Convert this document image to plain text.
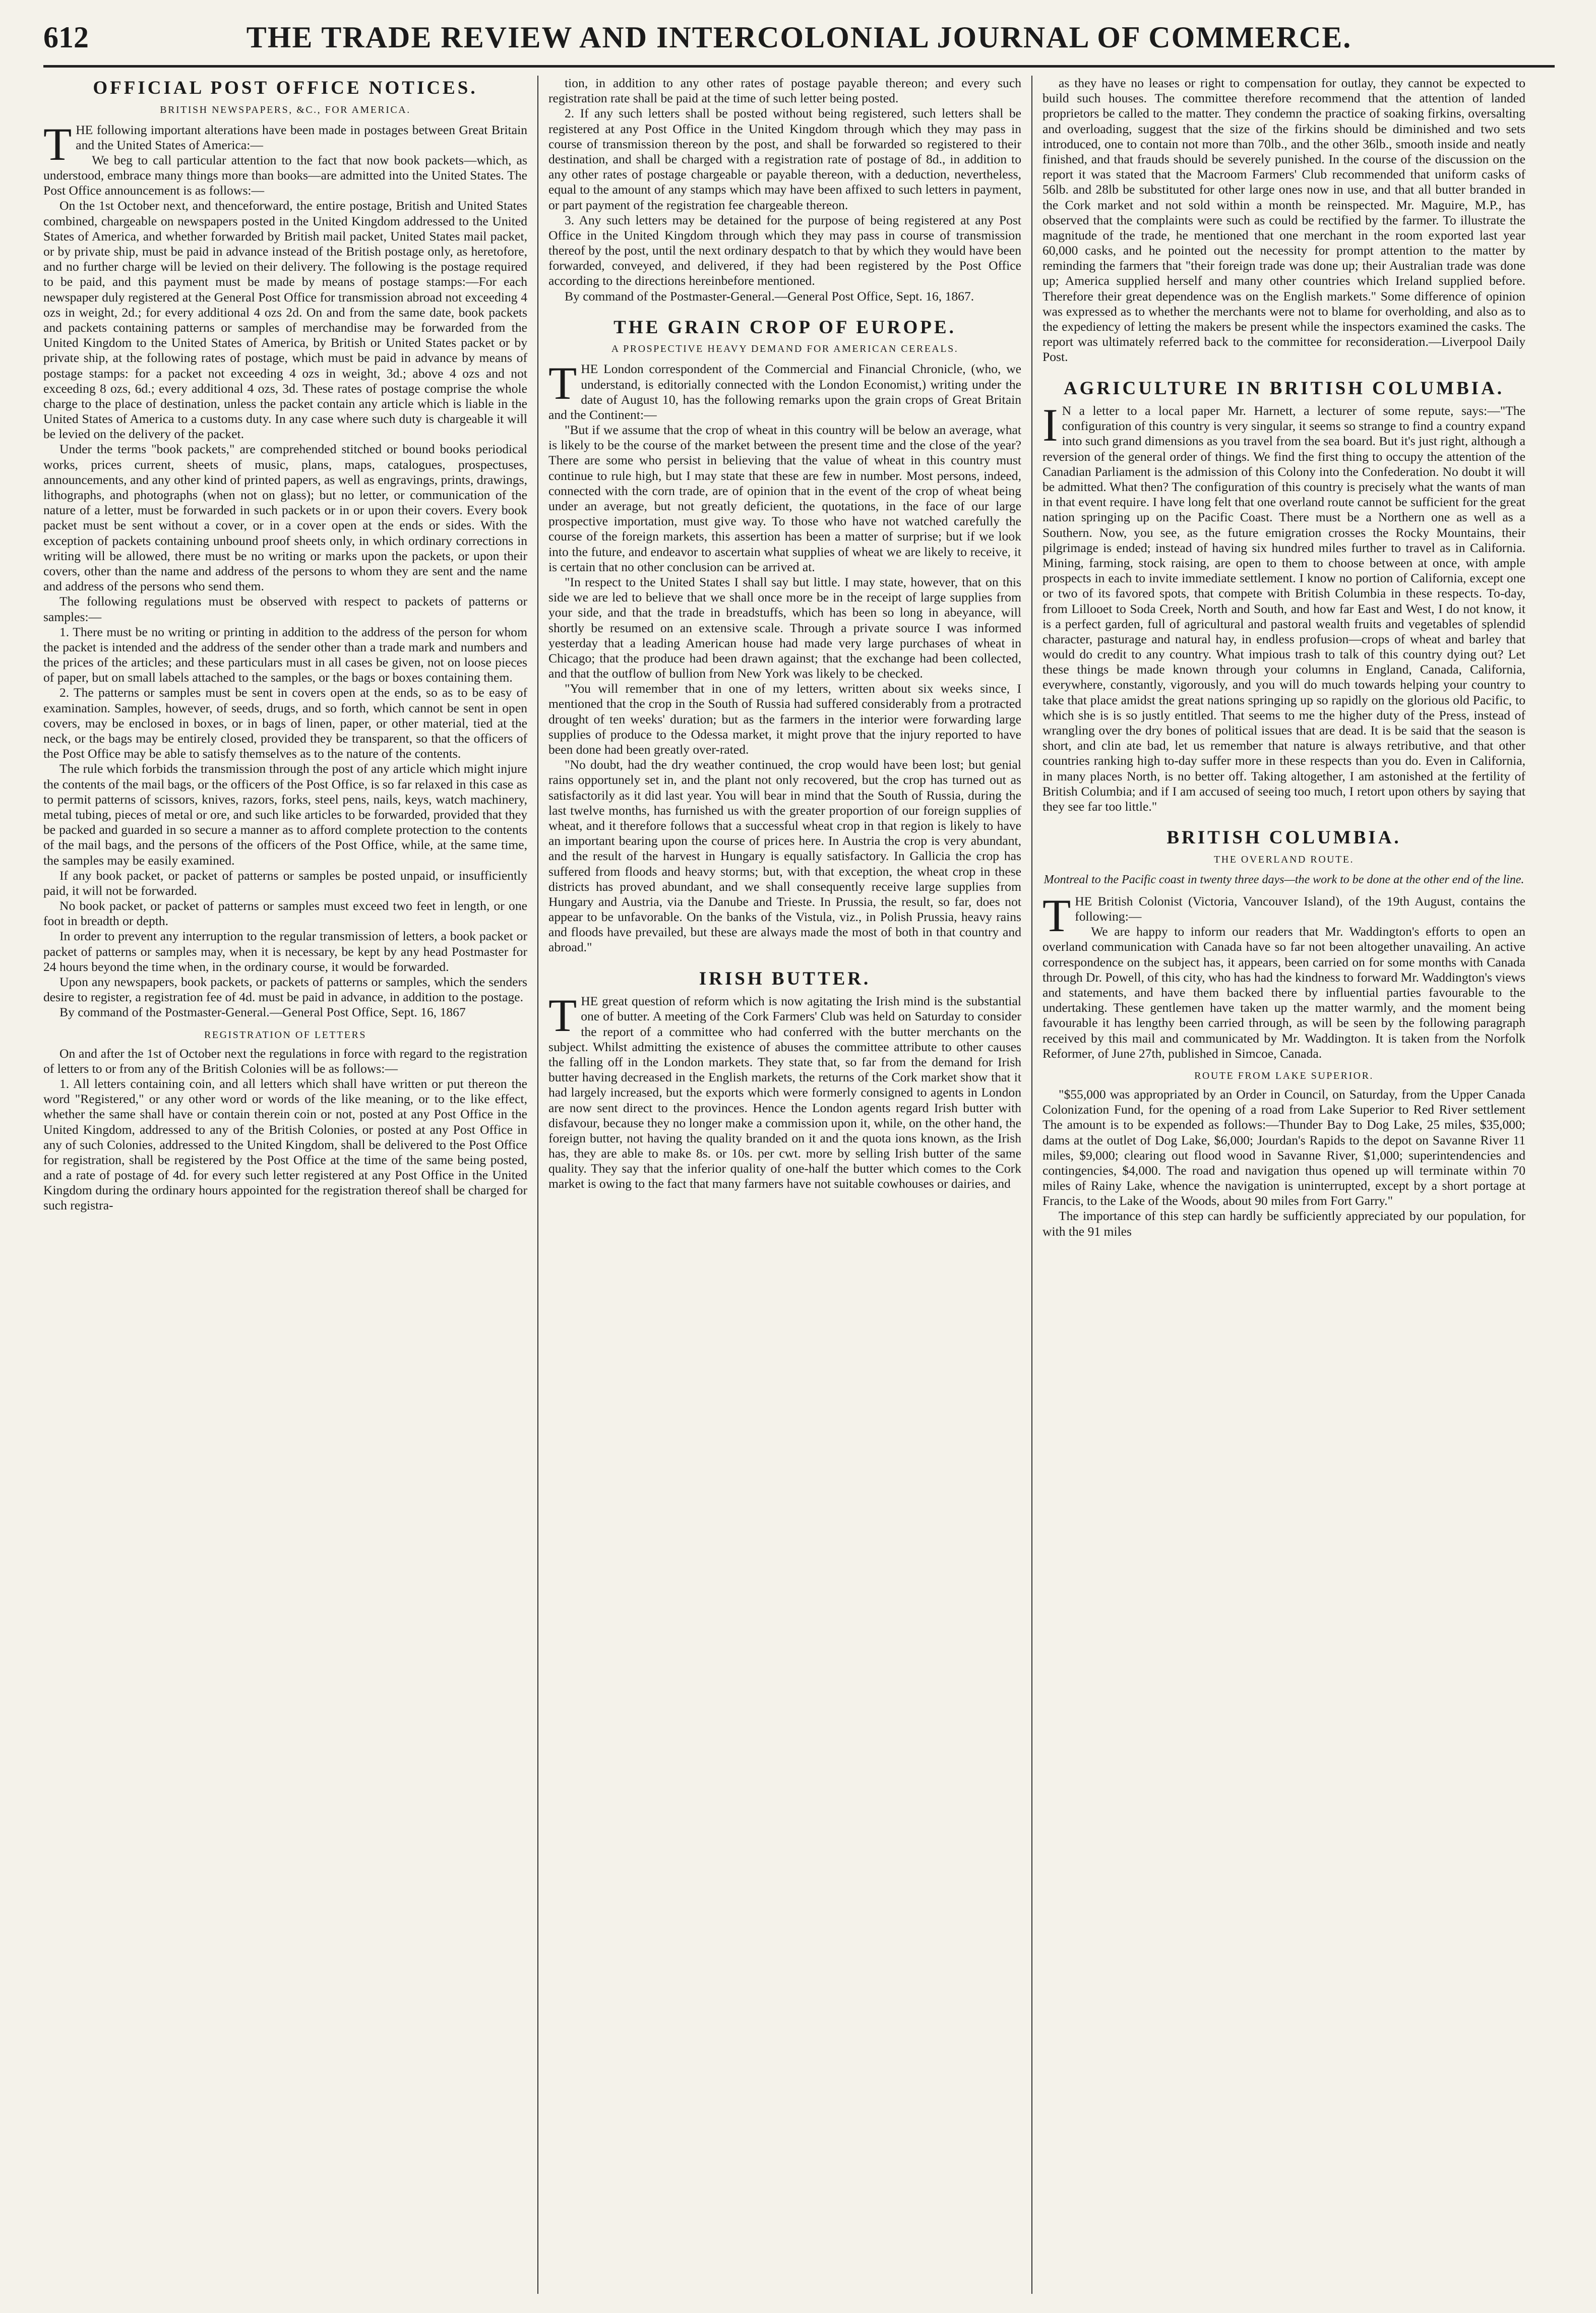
612	THE TRADE REVIEW AND INTERCOLONIAL JOURNAL OF COMMERCE.
OFFICIAL POST OFFICE NOTICES.
BRITISH NEWSPAPERS, &C., FOR AMERICA.

THE following important alterations have been made in postages between Great Britain and the United States of America:—

We beg to call particular attention to the fact that now book packets—which, as understood, embrace many things more than books—are admitted into the United States. The Post Office announcement is as follows:—

On the 1st October next, and thenceforward, the entire postage, British and United States combined, chargeable on newspapers posted in the United Kingdom addressed to the United States of America, and whether forwarded by British mail packet, United States mail packet, or by private ship, must be paid in advance instead of the British postage only, as heretofore, and no further charge will be levied on their delivery. The following is the postage required to be paid, and this payment must be made by means of postage stamps:—For each newspaper duly registered at the General Post Office for transmission abroad not exceeding 4 ozs in weight, 2d.; for every additional 4 ozs 2d. On and from the same date, book packets and packets containing patterns or samples of merchandise may be forwarded from the United Kingdom to the United States of America, by British or United States packet or by private ship, at the following rates of postage, which must be paid in advance by means of postage stamps: for a packet not exceeding 4 ozs in weight, 3d.; above 4 ozs and not exceeding 8 ozs, 6d.; every additional 4 ozs, 3d. These rates of postage comprise the whole charge to the place of destination, unless the packet contain any article which is liable in the United States of America to a customs duty. In any case where such duty is chargeable it will be levied on the delivery of the packet.

Under the terms "book packets," are comprehended stitched or bound books periodical works, prices current, sheets of music, plans, maps, catalogues, prospectuses, announcements, and any other kind of printed papers, as well as engravings, prints, drawings, lithographs, and photographs (when not on glass); but no letter, or communication of the nature of a letter, must be forwarded in such packets or in or upon their covers. Every book packet must be sent without a cover, or in a cover open at the ends or sides. With the exception of packets containing unbound proof sheets only, in which ordinary corrections in writing will be allowed, there must be no writing or marks upon the packets, or upon their covers, other than the name and address of the persons to whom they are sent and the name and address of the persons who send them.

The following regulations must be observed with respect to packets of patterns or samples:—

1. There must be no writing or printing in addition to the address of the person for whom the packet is intended and the address of the sender other than a trade mark and numbers and the prices of the articles; and these particulars must in all cases be given, not on loose pieces of paper, but on small labels attached to the samples, or the bags or boxes containing them.

2. The patterns or samples must be sent in covers open at the ends, so as to be easy of examination. Samples, however, of seeds, drugs, and so forth, which cannot be sent in open covers, may be enclosed in boxes, or in bags of linen, paper, or other material, tied at the neck, or the bags may be entirely closed, provided they be transparent, so that the officers of the Post Office may be able to satisfy themselves as to the nature of the contents.

The rule which forbids the transmission through the post of any article which might injure the contents of the mail bags, or the officers of the Post Office, is so far relaxed in this case as to permit patterns of scissors, knives, razors, forks, steel pens, nails, keys, watch machinery, metal tubing, pieces of metal or ore, and such like articles to be forwarded, provided that they be packed and guarded in so secure a manner as to afford complete protection to the contents of the mail bags, and the persons of the officers of the Post Office, while, at the same time, the samples may be easily examined.

If any book packet, or packet of patterns or samples be posted unpaid, or insufficiently paid, it will not be forwarded.

No book packet, or packet of patterns or samples must exceed two feet in length, or one foot in breadth or depth.

In order to prevent any interruption to the regular transmission of letters, a book packet or packet of patterns or samples may, when it is necessary, be kept by any head Postmaster for 24 hours beyond the time when, in the ordinary course, it would be forwarded.

Upon any newspapers, book packets, or packets of patterns or samples, which the senders desire to register, a registration fee of 4d. must be paid in advance, in addition to the postage.

By command of the Postmaster-General.—General Post Office, Sept. 16, 1867

REGISTRATION OF LETTERS

On and after the 1st of October next the regulations in force with regard to the registration of letters to or from any of the British Colonies will be as follows:—

1. All letters containing coin, and all letters which shall have written or put thereon the word "Registered," or any other word or words of the like meaning, or to the like effect, whether the same shall have or contain therein coin or not, posted at any Post Office in the United Kingdom, addressed to any of the British Colonies, or posted at any Post Office in any of such Colonies, addressed to the United Kingdom, shall be delivered to the Post Office for registration, shall be registered by the Post Office at the time of the same being posted, and a rate of postage of 4d. for every such letter registered at any Post Office in the United Kingdom during the ordinary hours appointed for the registration thereof shall be charged for such registra-

tion, in addition to any other rates of postage payable thereon; and every such registration rate shall be paid at the time of such letter being posted.

2. If any such letters shall be posted without being registered, such letters shall be registered at any Post Office in the United Kingdom through which they may pass in course of transmission thereon by the post, and shall be forwarded so registered to their destination, and shall be charged with a registration rate of postage of 8d., in addition to any other rates of postage chargeable or payable thereon, with a deduction, nevertheless, equal to the amount of any stamps which may have been affixed to such letters in payment, or part payment of the registration fee chargeable thereon.

3. Any such letters may be detained for the purpose of being registered at any Post Office in the United Kingdom through which they may pass in course of transmission thereof by the post, until the next ordinary despatch to that by which they would have been forwarded, conveyed, and delivered, if they had been registered by the Post Office according to the directions hereinbefore mentioned.

By command of the Postmaster-General.—General Post Office, Sept. 16, 1867.

THE GRAIN CROP OF EUROPE.
A PROSPECTIVE HEAVY DEMAND FOR AMERICAN CEREALS.

THE London correspondent of the Commercial and Financial Chronicle, (who, we understand, is editorially connected with the London Economist,) writing under the date of August 10, has the following remarks upon the grain crops of Great Britain and the Continent:—

"But if we assume that the crop of wheat in this country will be below an average, what is likely to be the course of the market between the present time and the close of the year? There are some who persist in believing that the value of wheat in this country must continue to rule high, but I may state that these are few in number. Most persons, indeed, connected with the corn trade, are of opinion that in the event of the crop of wheat being under an average, but not greatly deficient, the quotations, in the face of our large prospective importation, must give way. To those who have not watched carefully the course of the foreign markets, this assertion has been a matter of surprise; but if we look into the future, and endeavor to ascertain what supplies of wheat we are likely to receive, it is certain that no other conclusion can be arrived at.

"In respect to the United States I shall say but little. I may state, however, that on this side we are led to believe that we shall once more be in the receipt of large supplies from your side, and that the trade in breadstuffs, which has been so long in abeyance, will shortly be resumed on an extensive scale. Through a private source I was informed yesterday that a leading American house had made very large purchases of wheat in Chicago; that the produce had been drawn against; that the exchange had been collected, and that the outflow of bullion from New York was likely to be checked.

"You will remember that in one of my letters, written about six weeks since, I mentioned that the crop in the South of Russia had suffered considerably from a protracted drought of ten weeks' duration; but as the farmers in the interior were forwarding large supplies of produce to the Odessa market, it might prove that the injury reported to have been done had been greatly over-rated.

"No doubt, had the dry weather continued, the crop would have been lost; but genial rains opportunely set in, and the plant not only recovered, but the crop has turned out as satisfactorily as it did last year. You will bear in mind that the South of Russia, during the last twelve months, has furnished us with the greater proportion of our foreign supplies of wheat, and it therefore follows that a successful wheat crop in that region is likely to have an important bearing upon the course of prices here. In Austria the crop is very abundant, and the result of the harvest in Hungary is equally satisfactory. In Gallicia the crop has suffered from floods and heavy storms; but, with that exception, the wheat crop in these districts has proved abundant, and we shall consequently receive large supplies from Hungary and Austria, via the Danube and Trieste. In Prussia, the result, so far, does not appear to be unfavorable. On the banks of the Vistula, viz., in Polish Prussia, heavy rains and floods have prevailed, but these are always made the most of both in that country and abroad."

IRISH BUTTER.

THE great question of reform which is now agitating the Irish mind is the substantial one of butter. A meeting of the Cork Farmers' Club was held on Saturday to consider the report of a committee who had conferred with the butter merchants on the subject. Whilst admitting the existence of abuses the committee attribute to other causes the falling off in the London markets. They state that, so far from the demand for Irish butter having decreased in the English markets, the returns of the Cork market show that it had largely increased, but the exports which were formerly consigned to agents in London are now sent direct to the provinces. Hence the London agents regard Irish butter with disfavour, because they no longer make a commission upon it, while, on the other hand, the foreign butter, not having the quality branded on it and the quota ions known, as the Irish has, they are able to make 8s. or 10s. per cwt. more by selling Irish butter of the same quality. They say that the inferior quality of one-half the butter which comes to the Cork market is owing to the fact that many farmers have not suitable cowhouses or dairies, and

as they have no leases or right to compensation for outlay, they cannot be expected to build such houses. The committee therefore recommend that the attention of landed proprietors be called to the matter. They condemn the practice of soaking firkins, oversalting and overloading, suggest that the size of the firkins should be diminished and two sets introduced, one to contain not more than 70lb., and the other 36lb., smooth inside and neatly finished, and that frauds should be severely punished. In the course of the discussion on the report it was stated that the Macroom Farmers' Club recommended that uniform casks of 56lb. and 28lb be substituted for other large ones now in use, and that all butter branded in the Cork market and not sold within a month be reinspected. Mr. Maguire, M.P., has observed that the complaints were such as could be rectified by the farmer. To illustrate the magnitude of the trade, he mentioned that one merchant in the room exported last year 60,000 casks, and he pointed out the necessity for prompt attention to the matter by reminding the farmers that "their foreign trade was done up; their Australian trade was done up; America supplied herself and many other countries which Ireland supplied before. Therefore their great dependence was on the English markets." Some difference of opinion was expressed as to whether the merchants were not to blame for overholding, and also as to the expediency of letting the makers be present while the inspectors examined the casks. The report was ultimately referred back to the committee for reconsideration.—Liverpool Daily Post.

AGRICULTURE IN BRITISH COLUMBIA.

IN a letter to a local paper Mr. Harnett, a lecturer of some repute, says:—"The configuration of this country is very singular, it seems so strange to find a country expand into such grand dimensions as you travel from the sea board. But it's just right, although a reversion of the general order of things. We find the first thing to occupy the attention of the Canadian Parliament is the admission of this Colony into the Confederation. No doubt it will be admitted. What then? The configuration of this country is precisely what the wants of man in that event require. I have long felt that one overland route cannot be sufficient for the great nation springing up on the Pacific Coast. There must be a Northern one as well as a Southern. Now, you see, as the future emigration crosses the Rocky Mountains, their pilgrimage is ended; instead of having six hundred miles further to travel as in California. Mining, farming, stock raising, are open to them to choose between at once, with ample prospects in each to invite immediate settlement. I know no portion of California, except one or two of its favored spots, that compete with British Columbia in these respects. To-day, from Lillooet to Soda Creek, North and South, and how far East and West, I do not know, it is a perfect garden, full of agricultural and pastoral wealth fruits and vegetables of splendid character, pasturage and natural hay, in endless profusion—crops of wheat and barley that would do credit to any country. What impious trash to talk of this country dying out? Let these things be made known through your columns in England, Canada, California, everywhere, constantly, vigorously, and you will do much towards helping your country to take that place amidst the great nations springing up so rapidly on the glorious old Pacific, to which she is is so justly entitled. That seems to me the higher duty of the Press, instead of wrangling over the dry bones of political issues that are dead. It is be said that the season is short, and clin ate bad, let us remember that nature is always retributive, and that other countries ranking high to-day suffer more in these respects than you do. Even in California, in many places North, is no better off. Taking altogether, I am astonished at the fertility of British Columbia; and if I am accused of seeing too much, I retort upon others by saying that they see far too little."

BRITISH COLUMBIA.
THE OVERLAND ROUTE.
Montreal to the Pacific coast in twenty three days—the work to be done at the other end of the line.

THE British Colonist (Victoria, Vancouver Island), of the 19th August, contains the following:—

We are happy to inform our readers that Mr. Waddington's efforts to open an overland communication with Canada have so far not been altogether unavailing. An active correspondence on the subject has, it appears, been carried on for some months with Canada through Dr. Powell, of this city, who has had the kindness to forward Mr. Waddington's views and statements, and have them backed there by influential parties favourable to the undertaking. These gentlemen have taken up the matter warmly, and the moment being favourable it has lengthy been carried through, as will be seen by the following paragraph received by this mail and communicated by Mr. Waddington. It is taken from the Norfolk Reformer, of June 27th, published in Simcoe, Canada.

ROUTE FROM LAKE SUPERIOR.

"$55,000 was appropriated by an Order in Council, on Saturday, from the Upper Canada Colonization Fund, for the opening of a road from Lake Superior to Red River settlement The amount is to be expended as follows:—Thunder Bay to Dog Lake, 25 miles, $35,000; dams at the outlet of Dog Lake, $6,000; Jourdan's Rapids to the depot on Savanne River 11 miles, $9,000; clearing out flood wood in Savanne River, $1,000; superintendencies and contingencies, $4,000. The road and navigation thus opened up will terminate within 70 miles of Rainy Lake, whence the navigation is uninterrupted, except by a short portage at Francis, to the Lake of the Woods, about 90 miles from Fort Garry."

The importance of this step can hardly be sufficiently appreciated by our population, for with the 91 miles
